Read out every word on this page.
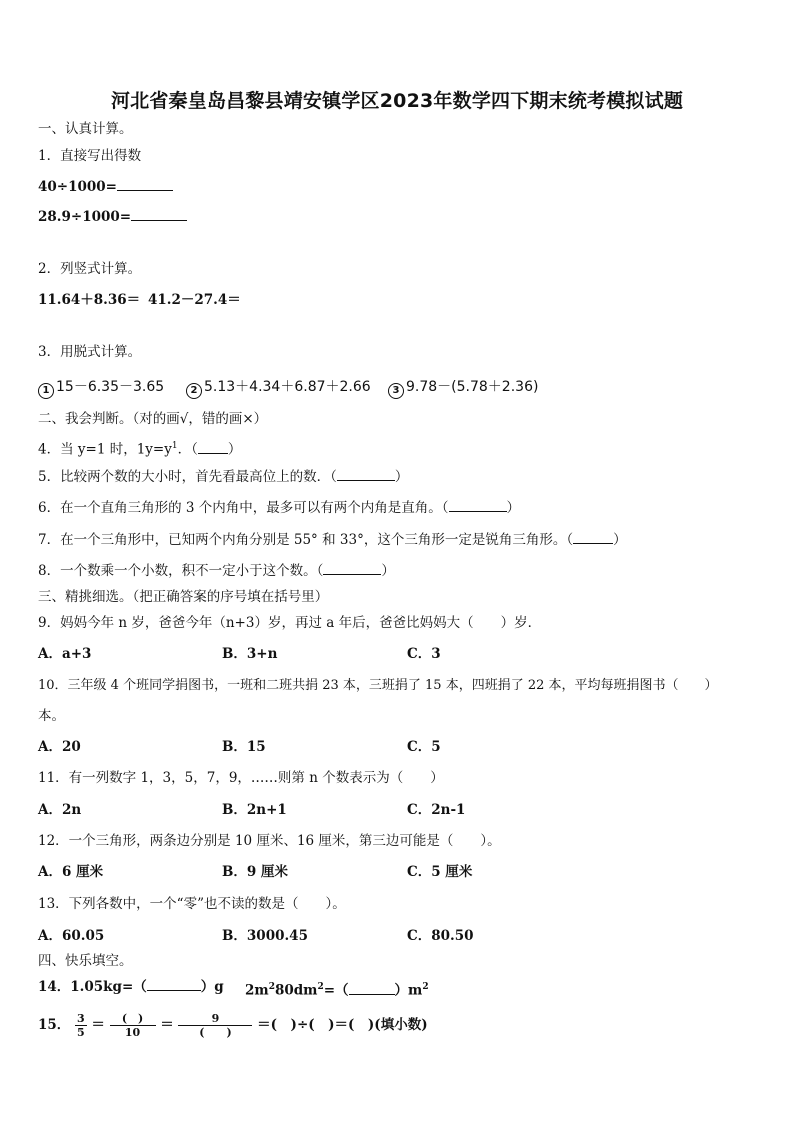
河北省秦皇岛昌黎县靖安镇学区2023年数学四下期末统考模拟试题
一、认真计算。
1．直接写出得数
40÷1000=
28.9÷1000=
2．列竖式计算。
11.64＋8.36＝ 41.2－27.4＝
3．用脱式计算。
1 15－6.35－3.65	2 5.13＋4.34＋6.87＋2.66	3 9.78－(5.78＋2.36)
二、我会判断。（对的画√，错的画×）
4．当 y=1 时，$1y=y^1$．（ ）
5．比较两个数的大小时，首先看最高位上的数．（	）
6．在一个直角三角形的 3 个内角中，最多可以有两个内角是直角。（	）
7．在一个三角形中，已知两个内角分别是 55° 和 33°，这个三角形一定是锐角三角形。（	）
8．一个数乘一个小数，积不一定小于这个数。（	）
三、精挑细选。（把正确答案的序号填在括号里）
9．妈妈今年 n 岁，爸爸今年（n+3）岁，再过 a 年后，爸爸比妈妈大（　　）岁．
A．a+3	B．3+n	C．3
10．三年级 4 个班同学捐图书，一班和二班共捐 23 本，三班捐了 15 本，四班捐了 22 本，平均每班捐图书（　　）
本。
A．20	B．15	C．5
11．有一列数字 1，3，5，7，9，……则第 n 个数表示为（　　）
A．2n	B．2n+1	C．2n-1
12．一个三角形，两条边分别是 10 厘米、16 厘米，第三边可能是（　　）。
A．6 厘米	B．9 厘米	C．5 厘米
13．下列各数中，一个“零”也不读的数是（　　）。
A．60.05	B．3000.45	C．80.50
四、快乐填空。
14．1.05kg=（	）g $2m^280dm^2=$（	）$m^2$
15． $\frac{3}{5} = \frac{( )}{10} = \frac{9}{( )}$ ＝(　)÷(　)＝(　)(填小数)
